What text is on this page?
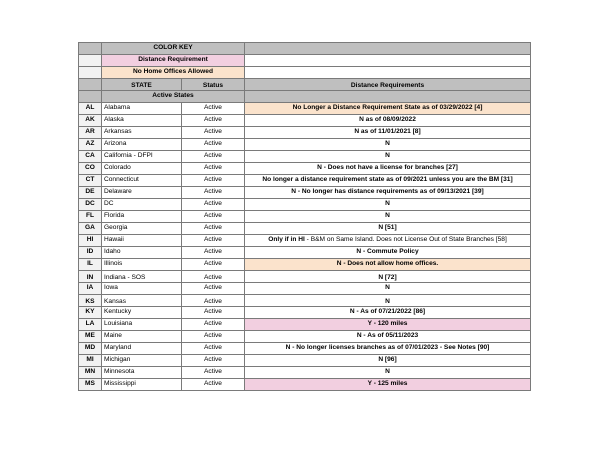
	COLOR KEY		
	Distance Requirement		
	No Home Offices Allowed		
	STATE	Status	Distance Requirements
	Active States		
AL	Alabama	Active	No Longer a Distance Requirement State as of 03/29/2022 [4]
AK	Alaska	Active	N as of 08/09/2022
AR	Arkansas	Active	N as of 11/01/2021 [8]
AZ	Arizona	Active	N
CA	California - DFPI	Active	N
CO	Colorado	Active	N - Does not have a license for branches [27]
CT	Connecticut	Active	No longer a distance requirement state as of 09/2021 unless you are the BM [31]
DE	Delaware	Active	N - No longer has distance requirements as of 09/13/2021 [39]
DC	DC	Active	N
FL	Florida	Active	N
GA	Georgia	Active	N [51]
HI	Hawaii	Active	Only if in HI - B&M on Same Island. Does not License Out of State Branches [58]
ID	Idaho	Active	N - Commute Policy
IL	Illinois	Active	N - Does not allow home offices.
IN	Indiana - SOS	Active	N [72]
IA	Iowa	Active	N
KS	Kansas	Active	N
KY	Kentucky	Active	N - As of 07/21/2022 [86]
LA	Louisiana	Active	Y - 120 miles
ME	Maine	Active	N - As of 05/11/2023
MD	Maryland	Active	N - No longer licenses branches as of 07/01/2023 - See Notes [90]
MI	Michigan	Active	N [96]
MN	Minnesota	Active	N
MS	Mississippi	Active	Y - 125 miles
